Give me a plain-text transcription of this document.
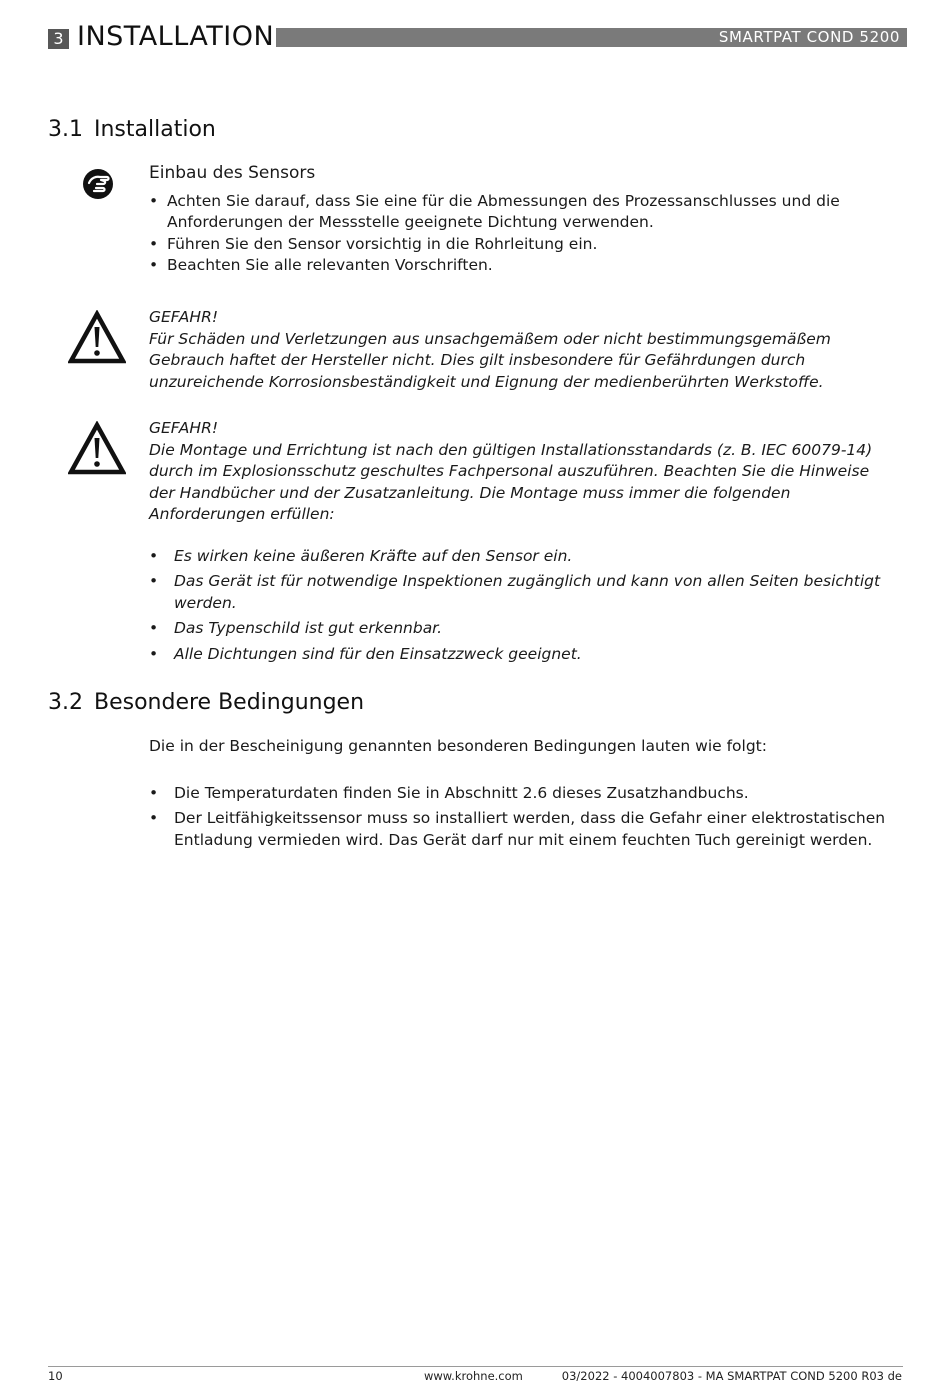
3 INSTALLATION	SMARTPAT COND 5200
3.1 Installation
Einbau des Sensors
• Achten Sie darauf, dass Sie eine für die Abmessungen des Prozessanschlusses und die Anforderungen der Messstelle geeignete Dichtung verwenden.
• Führen Sie den Sensor vorsichtig in die Rohrleitung ein.
• Beachten Sie alle relevanten Vorschriften.
GEFAHR!
Für Schäden und Verletzungen aus unsachgemäßem oder nicht bestimmungsgemäßem Gebrauch haftet der Hersteller nicht. Dies gilt insbesondere für Gefährdungen durch unzureichende Korrosionsbeständigkeit und Eignung der medienberührten Werkstoffe.
GEFAHR!
Die Montage und Errichtung ist nach den gültigen Installationsstandards (z. B. IEC 60079-14) durch im Explosionsschutz geschultes Fachpersonal auszuführen. Beachten Sie die Hinweise der Handbücher und der Zusatzanleitung. Die Montage muss immer die folgenden Anforderungen erfüllen:
• Es wirken keine äußeren Kräfte auf den Sensor ein.
• Das Gerät ist für notwendige Inspektionen zugänglich und kann von allen Seiten besichtigt werden.
• Das Typenschild ist gut erkennbar.
• Alle Dichtungen sind für den Einsatzzweck geeignet.
3.2 Besondere Bedingungen
Die in der Bescheinigung genannten besonderen Bedingungen lauten wie folgt:
• Die Temperaturdaten finden Sie in Abschnitt 2.6 dieses Zusatzhandbuchs.
• Der Leitfähigkeitssensor muss so installiert werden, dass die Gefahr einer elektrostatischen Entladung vermieden wird. Das Gerät darf nur mit einem feuchten Tuch gereinigt werden.
10	www.krohne.com	03/2022 - 4004007803 - MA SMARTPAT COND 5200 R03 de
